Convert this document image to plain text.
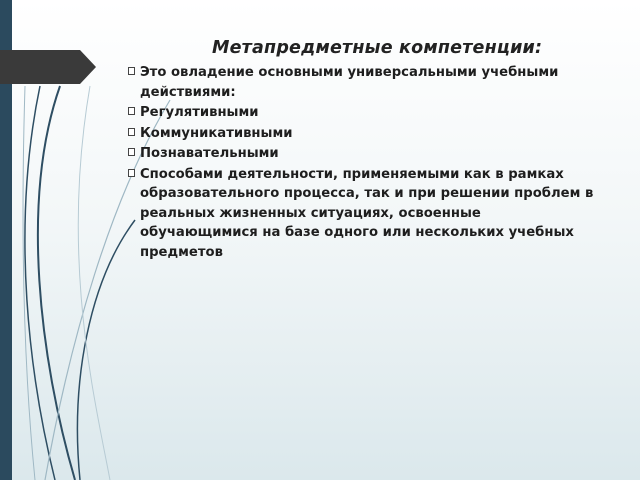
Метапредметные компетенции:

Это овладение основными универсальными учебными действиями:
Регулятивными
Коммуникативными
Познавательными
Способами деятельности, применяемыми как в рамках образовательного процесса, так и при решении проблем в реальных жизненных ситуациях, освоенные обучающимися на базе одного или нескольких учебных предметов
